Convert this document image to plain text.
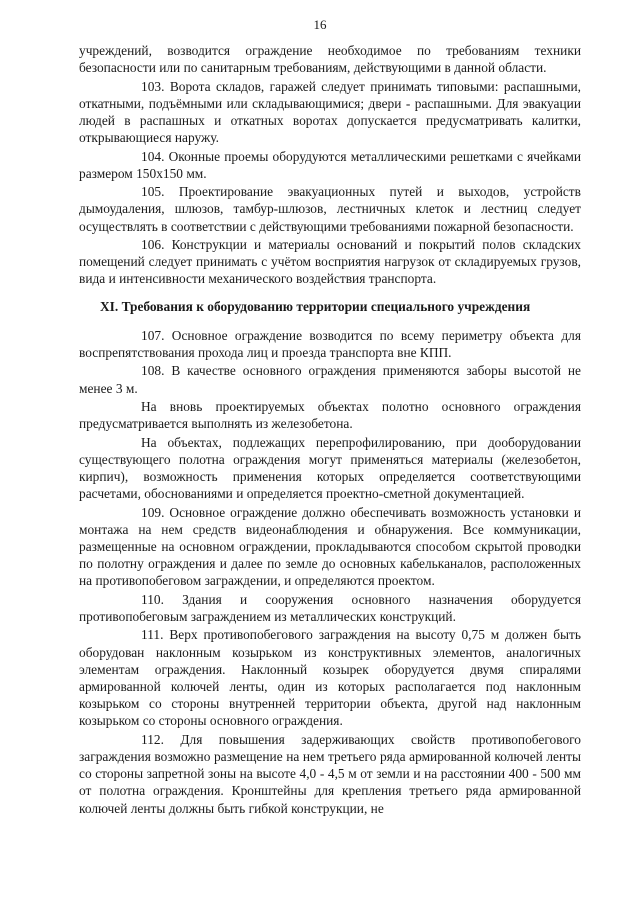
16

учреждений, возводится ограждение необходимое по требованиям техники безопасности или по санитарным требованиям, действующими в данной области.

103. Ворота складов, гаражей следует принимать типовыми: распашными, откатными, подъёмными или складывающимися; двери - распашными. Для эвакуации людей в распашных и откатных воротах допускается предусматривать калитки, открывающиеся наружу.

104. Оконные проемы оборудуются металлическими решетками с ячейками размером 150х150 мм.

105. Проектирование эвакуационных путей и выходов, устройств дымоудаления, шлюзов, тамбур-шлюзов, лестничных клеток и лестниц следует осуществлять в соответствии с действующими требованиями пожарной безопасности.

106. Конструкции и материалы оснований и покрытий полов складских помещений следует принимать с учётом восприятия нагрузок от складируемых грузов, вида и интенсивности механического воздействия транспорта.

XI. Требования к оборудованию территории специального учреждения

107. Основное ограждение возводится по всему периметру объекта для воспрепятствования прохода лиц и проезда транспорта вне КПП.

108. В качестве основного ограждения применяются заборы высотой не менее 3 м.

На вновь проектируемых объектах полотно основного ограждения предусматривается выполнять из железобетона.

На объектах, подлежащих перепрофилированию, при дооборудовании существующего полотна ограждения могут применяться материалы (железобетон, кирпич), возможность применения которых определяется соответствующими расчетами, обоснованиями и определяется проектно-сметной документацией.

109. Основное ограждение должно обеспечивать возможность установки и монтажа на нем средств видеонаблюдения и обнаружения. Все коммуникации, размещенные на основном ограждении, прокладываются способом скрытой проводки по полотну ограждения и далее по земле до основных кабельканалов, расположенных на противопобеговом заграждении, и определяются проектом.

110. Здания и сооружения основного назначения оборудуется противопобеговым заграждением из металлических конструкций.

111. Верх противопобегового заграждения на высоту 0,75 м должен быть оборудован наклонным козырьком из конструктивных элементов, аналогичных элементам ограждения. Наклонный козырек оборудуется двумя спиралями армированной колючей ленты, один из которых располагается под наклонным козырьком со стороны внутренней территории объекта, другой над наклонным козырьком со стороны основного ограждения.

112. Для повышения задерживающих свойств противопобегового заграждения возможно размещение на нем третьего ряда армированной колючей ленты со стороны запретной зоны на высоте 4,0 - 4,5 м от земли и на расстоянии 400 - 500 мм от полотна ограждения. Кронштейны для крепления третьего ряда армированной колючей ленты должны быть гибкой конструкции, не
